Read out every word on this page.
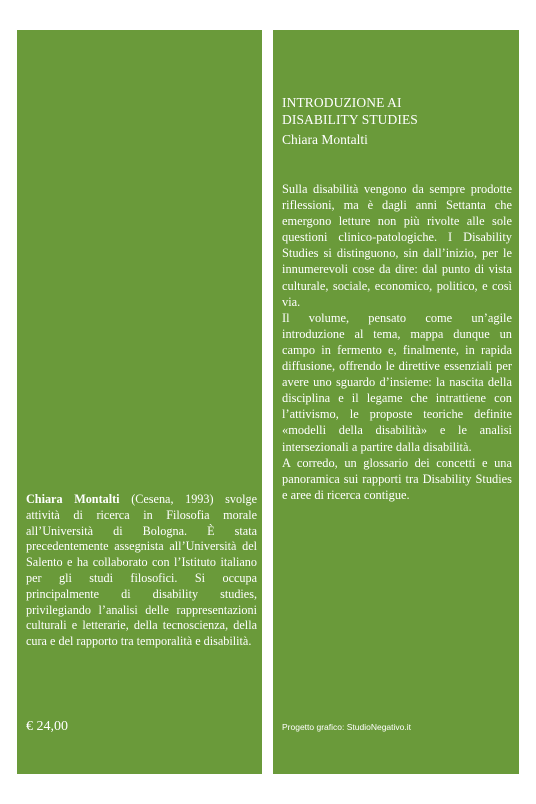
INTRODUZIONE AI
DISABILITY STUDIES
Chiara Montalti

Sulla disabilità vengono da sempre prodotte riflessioni, ma è dagli anni Settanta che emergono letture non più rivolte alle sole questioni clinico-patologiche. I Disability Studies si distinguono, sin dall’inizio, per le innumerevoli cose da dire: dal punto di vista culturale, sociale, economico, politico, e così via.

Il volume, pensato come un’agile introduzione al tema, mappa dunque un campo in fermento e, finalmente, in rapida diffusione, offrendo le direttive essenziali per avere uno sguardo d’insieme: la nascita della disciplina e il legame che intrattiene con l’attivismo, le proposte teoriche definite «modelli della disabilità» e le analisi intersezionali a partire dalla disabilità.

A corredo, un glossario dei concetti e una panoramica sui rapporti tra Disability Studies e aree di ricerca contigue.

Chiara Montalti (Cesena, 1993) svolge attività di ricerca in Filosofia morale all’Università di Bologna. È stata precedentemente assegnista all’Università del Salento e ha collaborato con l’Istituto italiano per gli studi filosofici. Si occupa principalmente di disability studies, privilegiando l’analisi delle rappresentazioni culturali e letterarie, della tecnoscienza, della cura e del rapporto tra temporalità e disabilità.
€ 24,00	Progetto grafico: StudioNegativo.it
